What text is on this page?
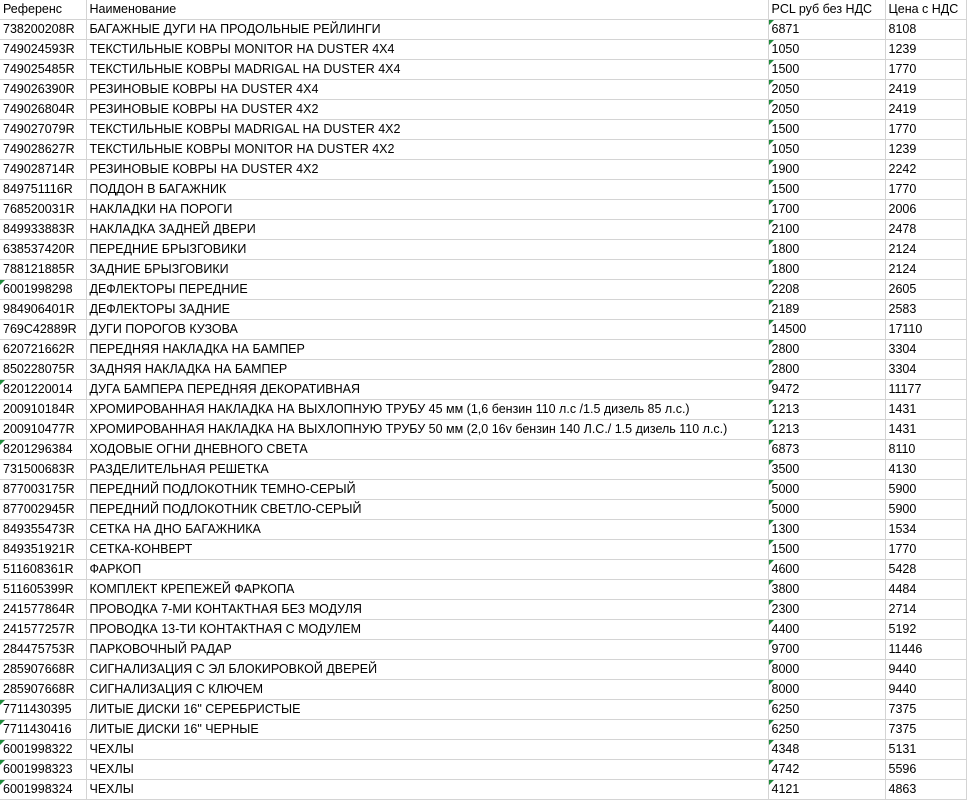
Референс	Наименование	PCL руб без НДС	Цена с НДС
738200208R	БАГАЖНЫЕ ДУГИ НА ПРОДОЛЬНЫЕ РЕЙЛИНГИ	6871	8108
749024593R	ТЕКСТИЛЬНЫЕ КОВРЫ MONITOR НА DUSTER 4X4	1050	1239
749025485R	ТЕКСТИЛЬНЫЕ КОВРЫ MADRIGAL НА DUSTER 4X4	1500	1770
749026390R	РЕЗИНОВЫЕ КОВРЫ НА DUSTER 4X4	2050	2419
749026804R	РЕЗИНОВЫЕ КОВРЫ НА DUSTER 4X2	2050	2419
749027079R	ТЕКСТИЛЬНЫЕ КОВРЫ MADRIGAL НА DUSTER 4X2	1500	1770
749028627R	ТЕКСТИЛЬНЫЕ КОВРЫ MONITOR НА DUSTER 4X2	1050	1239
749028714R	РЕЗИНОВЫЕ КОВРЫ НА DUSTER 4X2	1900	2242
849751116R	ПОДДОН В БАГАЖНИК	1500	1770
768520031R	НАКЛАДКИ НА ПОРОГИ	1700	2006
849933883R	НАКЛАДКА ЗАДНЕЙ ДВЕРИ	2100	2478
638537420R	ПЕРЕДНИЕ БРЫЗГОВИКИ	1800	2124
788121885R	ЗАДНИЕ БРЫЗГОВИКИ	1800	2124
6001998298	ДЕФЛЕКТОРЫ ПЕРЕДНИЕ	2208	2605
984906401R	ДЕФЛЕКТОРЫ ЗАДНИЕ	2189	2583
769C42889R	ДУГИ ПОРОГОВ КУЗОВА	14500	17110
620721662R	ПЕРЕДНЯЯ НАКЛАДКА НА БАМПЕР	2800	3304
850228075R	ЗАДНЯЯ НАКЛАДКА НА БАМПЕР	2800	3304
8201220014	ДУГА БАМПЕРА ПЕРЕДНЯЯ ДЕКОРАТИВНАЯ	9472	11177
200910184R	ХРОМИРОВАННАЯ НАКЛАДКА НА ВЫХЛОПНУЮ ТРУБУ 45 мм (1,6 бензин 110 л.с /1.5 дизель 85 л.с.)	1213	1431
200910477R	ХРОМИРОВАННАЯ НАКЛАДКА НА ВЫХЛОПНУЮ ТРУБУ 50 мм (2,0 16v бензин 140 Л.С./ 1.5 дизель 110 л.с.)	1213	1431
8201296384	ХОДОВЫЕ ОГНИ ДНЕВНОГО СВЕТА	6873	8110
731500683R	РАЗДЕЛИТЕЛЬНАЯ РЕШЕТКА	3500	4130
877003175R	ПЕРЕДНИЙ ПОДЛОКОТНИК ТЕМНО-СЕРЫЙ	5000	5900
877002945R	ПЕРЕДНИЙ ПОДЛОКОТНИК СВЕТЛО-СЕРЫЙ	5000	5900
849355473R	СЕТКА НА ДНО БАГАЖНИКА	1300	1534
849351921R	СЕТКА-КОНВЕРТ	1500	1770
511608361R	ФАРКОП	4600	5428
511605399R	КОМПЛЕКТ КРЕПЕЖЕЙ ФАРКОПА	3800	4484
241577864R	ПРОВОДКА 7-МИ КОНТАКТНАЯ БЕЗ МОДУЛЯ	2300	2714
241577257R	ПРОВОДКА 13-ТИ КОНТАКТНАЯ С МОДУЛЕМ	4400	5192
284475753R	ПАРКОВОЧНЫЙ РАДАР	9700	11446
285907668R	СИГНАЛИЗАЦИЯ С ЭЛ БЛОКИРОВКОЙ ДВЕРЕЙ	8000	9440
285907668R	СИГНАЛИЗАЦИЯ С КЛЮЧЕМ	8000	9440
7711430395	ЛИТЫЕ ДИСКИ 16" СЕРЕБРИСТЫЕ	6250	7375
7711430416	ЛИТЫЕ ДИСКИ 16" ЧЕРНЫЕ	6250	7375
6001998322	ЧЕХЛЫ	4348	5131
6001998323	ЧЕХЛЫ	4742	5596
6001998324	ЧЕХЛЫ	4121	4863
